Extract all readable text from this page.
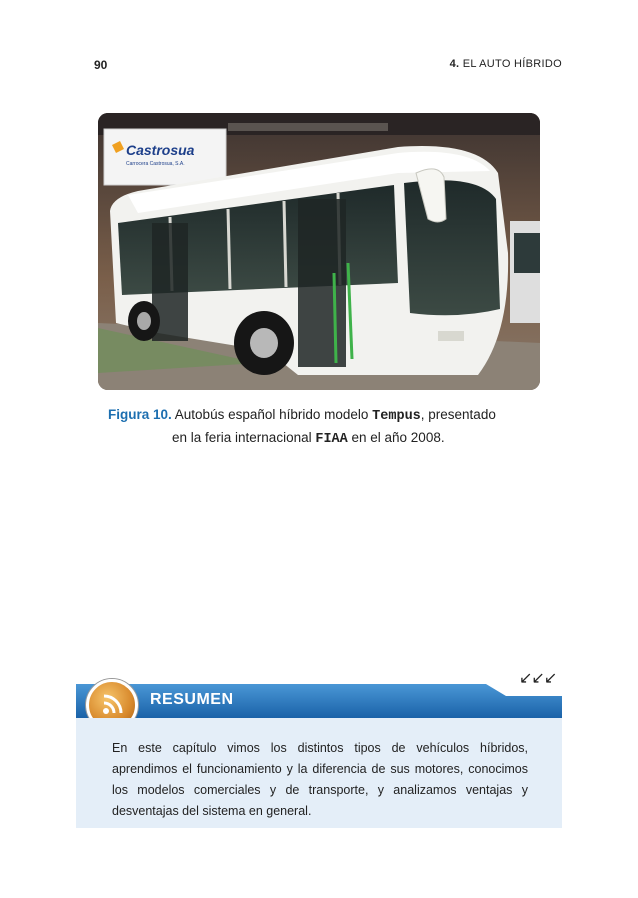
90	4. EL AUTO HÍBRIDO
Castrosua
Carrocera Castrosua, S.A.
Figura 10. Autobús español híbrido modelo Tempus, presentado
en la feria internacional FIAA en el año 2008.
↙↙↙
RESUMEN
En este capítulo vimos los distintos tipos de vehículos híbridos, aprendimos el funcionamiento y la diferencia de sus motores, conocimos los modelos comerciales y de transporte, y analizamos ventajas y desventajas del sistema en general.
